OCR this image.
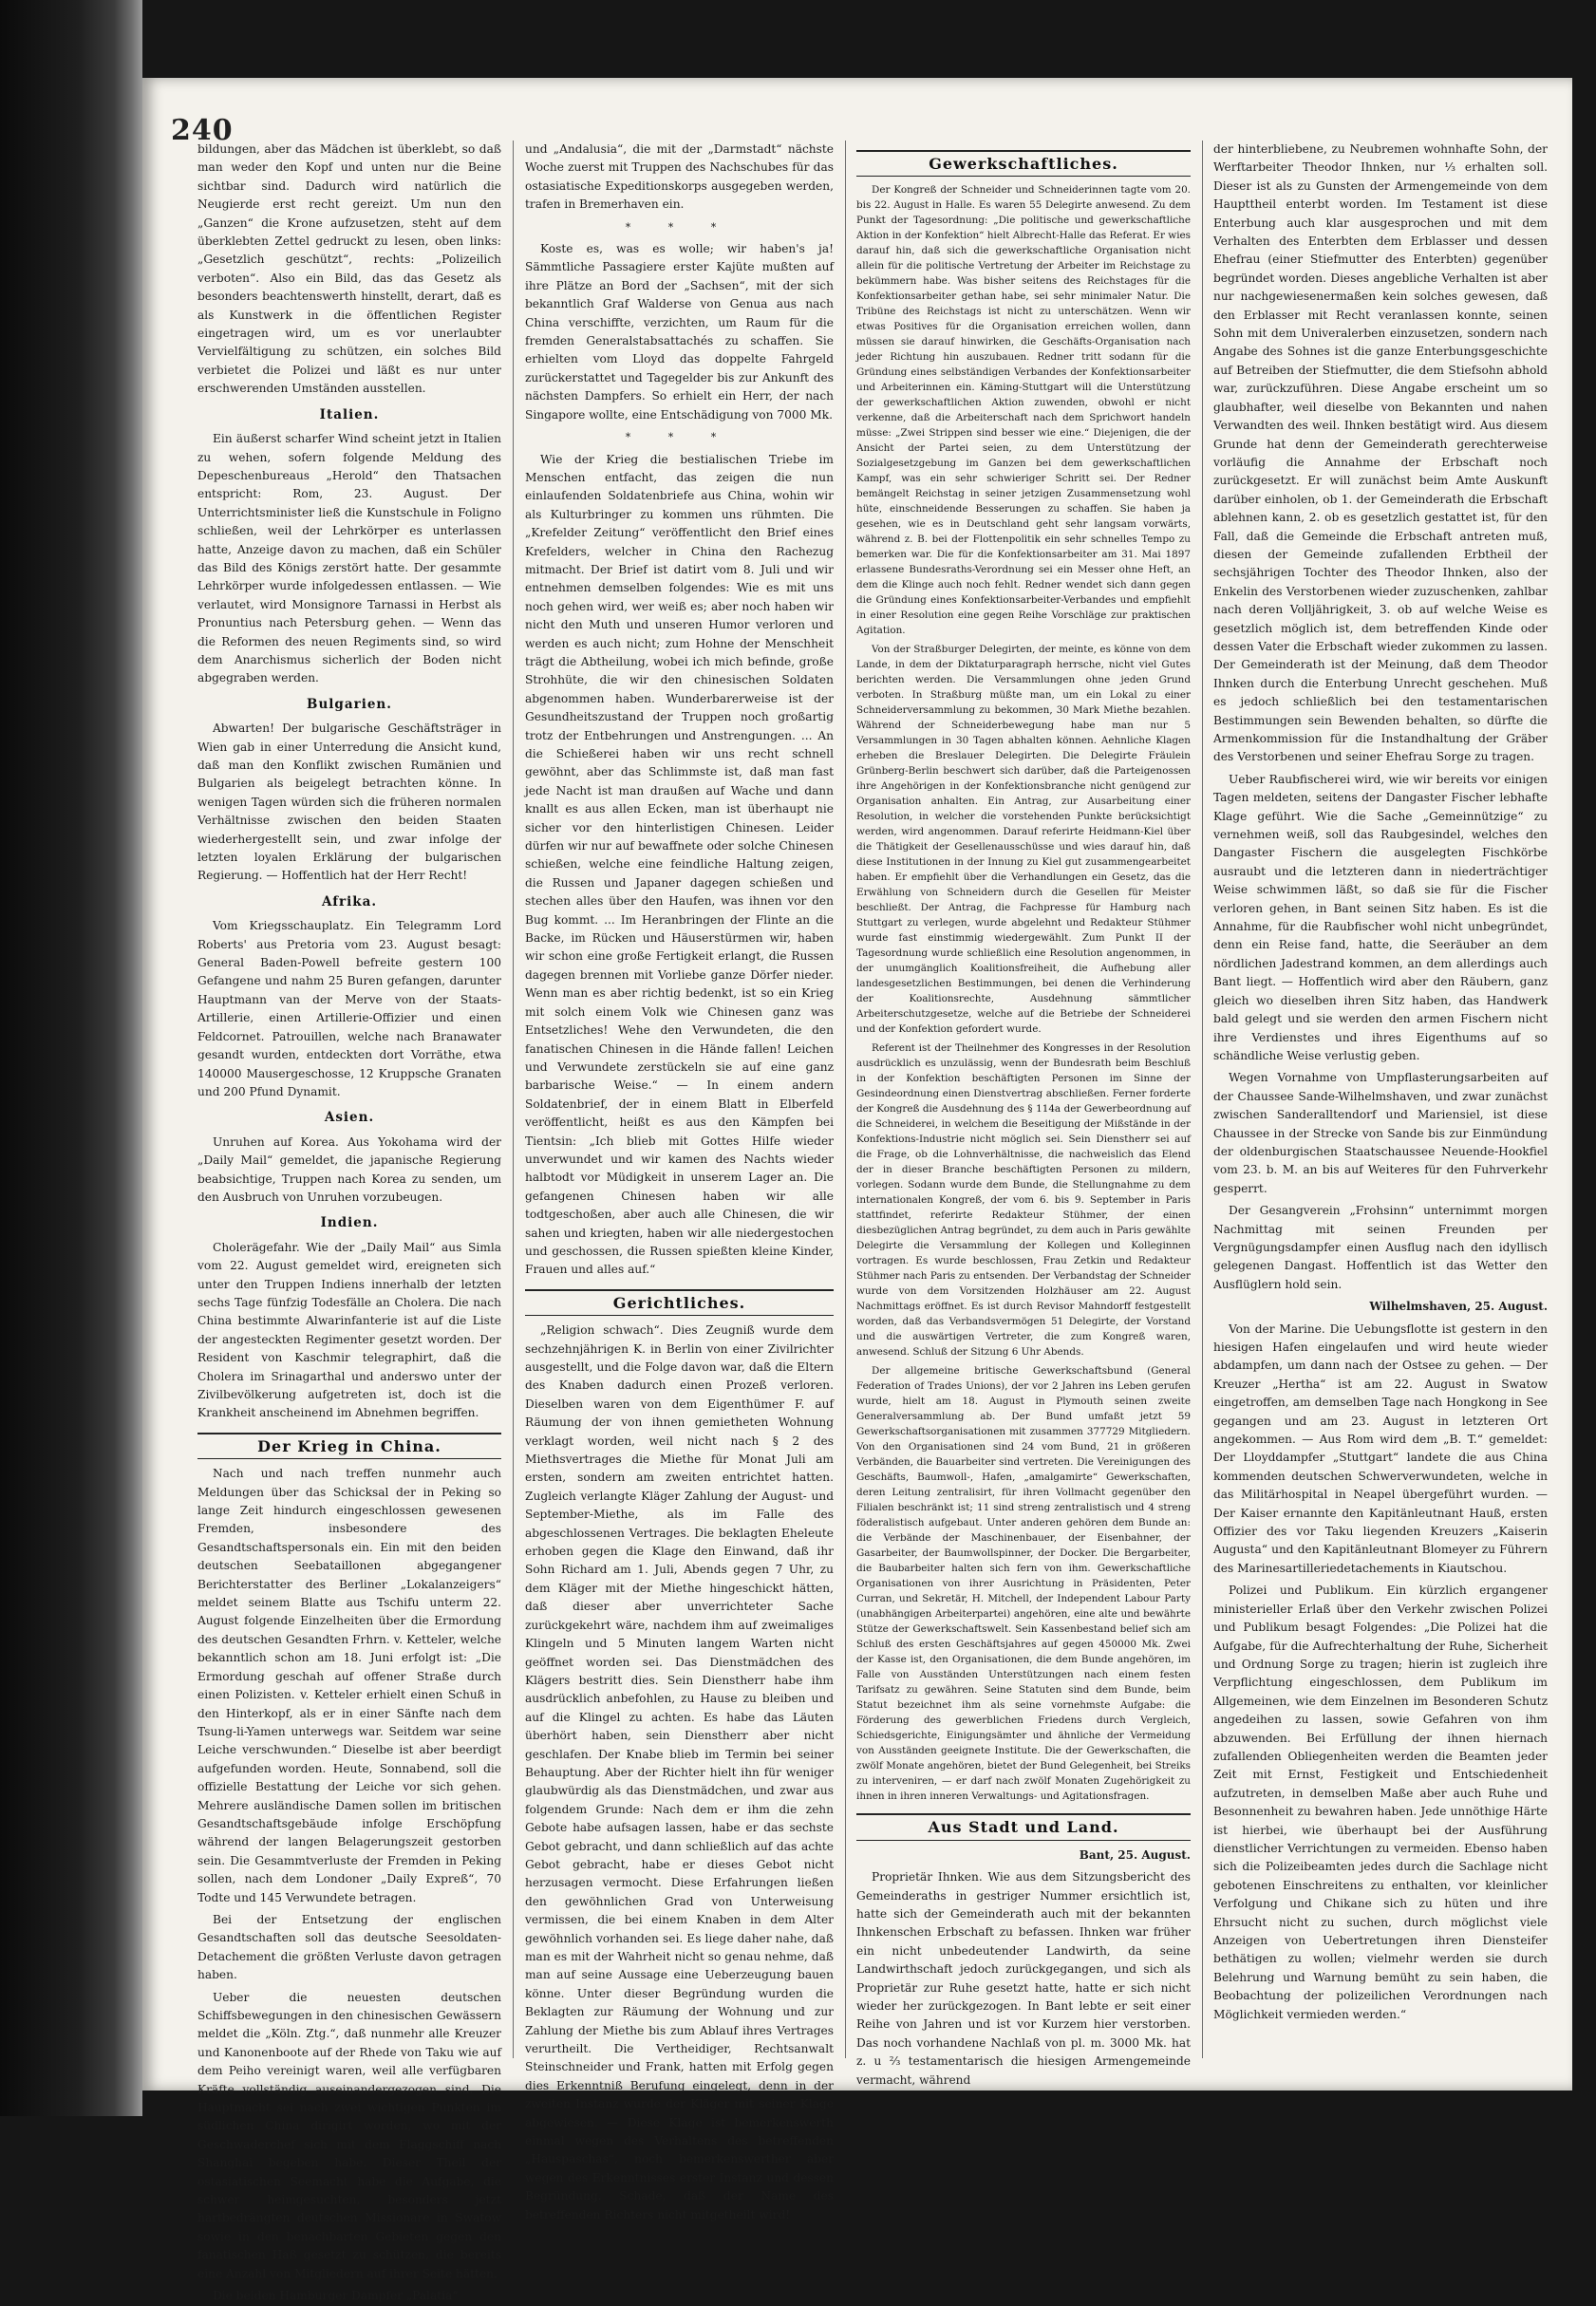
240

bildungen, aber das Mädchen ist überklebt, so daß man weder den Kopf und unten nur die Beine sichtbar sind. Dadurch wird natürlich die Neugierde erst recht gereizt. Um nun den „Ganzen“ die Krone aufzusetzen, steht auf dem überklebten Zettel gedruckt zu lesen, oben links: „Gesetzlich geschützt“, rechts: „Polizeilich verboten“. Also ein Bild, das das Gesetz als besonders beachtenswerth hinstellt, derart, daß es als Kunstwerk in die öffentlichen Register eingetragen wird, um es vor unerlaubter Vervielfältigung zu schützen, ein solches Bild verbietet die Polizei und läßt es nur unter erschwerenden Umständen ausstellen.

Italien.

Ein äußerst scharfer Wind scheint jetzt in Italien zu wehen, sofern folgende Meldung des Depeschenbureaus „Herold“ den Thatsachen entspricht: Rom, 23. August. Der Unterrichtsminister ließ die Kunstschule in Foligno schließen, weil der Lehrkörper es unterlassen hatte, Anzeige davon zu machen, daß ein Schüler das Bild des Königs zerstört hatte. Der gesammte Lehrkörper wurde infolgedessen entlassen. — Wie verlautet, wird Monsignore Tarnassi in Herbst als Pronuntius nach Petersburg gehen. — Wenn das die Reformen des neuen Regiments sind, so wird dem Anarchismus sicherlich der Boden nicht abgegraben werden.

Bulgarien.

Abwarten! Der bulgarische Geschäftsträger in Wien gab in einer Unterredung die Ansicht kund, daß man den Konflikt zwischen Rumänien und Bulgarien als beigelegt betrachten könne. In wenigen Tagen würden sich die früheren normalen Verhältnisse zwischen den beiden Staaten wiederhergestellt sein, und zwar infolge der letzten loyalen Erklärung der bulgarischen Regierung. — Hoffentlich hat der Herr Recht!

Afrika.

Vom Kriegsschauplatz. Ein Telegramm Lord Roberts' aus Pretoria vom 23. August besagt: General Baden-Powell befreite gestern 100 Gefangene und nahm 25 Buren gefangen, darunter Hauptmann van der Merve von der Staats-Artillerie, einen Artillerie-Offizier und einen Feldcornet. Patrouillen, welche nach Branawater gesandt wurden, entdeckten dort Vorräthe, etwa 140000 Mausergeschosse, 12 Kruppsche Granaten und 200 Pfund Dynamit.

Asien.

Unruhen auf Korea. Aus Yokohama wird der „Daily Mail“ gemeldet, die japanische Regierung beabsichtige, Truppen nach Korea zu senden, um den Ausbruch von Unruhen vorzubeugen.

Indien.

Cholerägefahr. Wie der „Daily Mail“ aus Simla vom 22. August gemeldet wird, ereigneten sich unter den Truppen Indiens innerhalb der letzten sechs Tage fünfzig Todesfälle an Cholera. Die nach China bestimmte Alwarinfanterie ist auf die Liste der angesteckten Regimenter gesetzt worden. Der Resident von Kaschmir telegraphirt, daß die Cholera im Srinagarthal und anderswo unter der Zivilbevölkerung aufgetreten ist, doch ist die Krankheit anscheinend im Abnehmen begriffen.

Der Krieg in China.

Nach und nach treffen nunmehr auch Meldungen über das Schicksal der in Peking so lange Zeit hindurch eingeschlossen gewesenen Fremden, insbesondere des Gesandtschaftspersonals ein. Ein mit den beiden deutschen Seebataillonen abgegangener Berichterstatter des Berliner „Lokalanzeigers“ meldet seinem Blatte aus Tschifu unterm 22. August folgende Einzelheiten über die Ermordung des deutschen Gesandten Frhrn. v. Ketteler, welche bekanntlich schon am 18. Juni erfolgt ist: „Die Ermordung geschah auf offener Straße durch einen Polizisten. v. Ketteler erhielt einen Schuß in den Hinterkopf, als er in einer Sänfte nach dem Tsung-li-Yamen unterwegs war. Seitdem war seine Leiche verschwunden.“ Dieselbe ist aber beerdigt aufgefunden worden. Heute, Sonnabend, soll die offizielle Bestattung der Leiche vor sich gehen. Mehrere ausländische Damen sollen im britischen Gesandtschaftsgebäude infolge Erschöpfung während der langen Belagerungszeit gestorben sein. Die Gesammtverluste der Fremden in Peking sollen, nach dem Londoner „Daily Expreß“, 70 Todte und 145 Verwundete betragen.

Bei der Entsetzung der englischen Gesandtschaften soll das deutsche Seesoldaten-Detachement die größten Verluste davon getragen haben.

Ueber die neuesten deutschen Schiffsbewegungen in den chinesischen Gewässern meldet die „Köln. Ztg.“, daß nunmehr alle Kreuzer und Kanonenboote auf der Rhede von Taku wie auf dem Peiho vereinigt waren, weil alle verfügbaren Kräfte vollständig auseinandergezogen sind. Die Hauptmacht sei nach zwei wichtigen Punkten im südlichen China dirigirt worden, wo mit der Geschwaderchef sich mit dem Flaggschiff nach Shanghai begeben habe. Dieser Theil der ostasiatischen Seemacht habe die Aufgabe, die schwer heimgesuchten, besonders jetzt hartbedrängten deutschen Missionare in Swatow sowie in den benachbarten Gebieten gegen den fanatischen Haß gesetzt zu schützen, die bereits eine Anzahl von Mitgliedern auf ihrer Seite hätten.

Die beiden Hamburger Dampfer „Palatia“

und „Andalusia“, die mit der „Darmstadt“ nächste Woche zuerst mit Truppen des Nachschubes für das ostasiatische Expeditionskorps ausgegeben werden, trafen in Bremerhaven ein.

* * *

Koste es, was es wolle; wir haben's ja! Sämmtliche Passagiere erster Kajüte mußten auf ihre Plätze an Bord der „Sachsen“, mit der sich bekanntlich Graf Walderse von Genua aus nach China verschiffte, verzichten, um Raum für die fremden Generalstabsattachés zu schaffen. Sie erhielten vom Lloyd das doppelte Fahrgeld zurückerstattet und Tagegelder bis zur Ankunft des nächsten Dampfers. So erhielt ein Herr, der nach Singapore wollte, eine Entschädigung von 7000 Mk.

* * *

Wie der Krieg die bestialischen Triebe im Menschen entfacht, das zeigen die nun einlaufenden Soldatenbriefe aus China, wohin wir als Kulturbringer zu kommen uns rühmten. Die „Krefelder Zeitung“ veröffentlicht den Brief eines Krefelders, welcher in China den Rachezug mitmacht. Der Brief ist datirt vom 8. Juli und wir entnehmen demselben folgendes: Wie es mit uns noch gehen wird, wer weiß es; aber noch haben wir nicht den Muth und unseren Humor verloren und werden es auch nicht; zum Hohne der Menschheit trägt die Abtheilung, wobei ich mich befinde, große Strohhüte, die wir den chinesischen Soldaten abgenommen haben. Wunderbarerweise ist der Gesundheitszustand der Truppen noch großartig trotz der Entbehrungen und Anstrengungen. ... An die Schießerei haben wir uns recht schnell gewöhnt, aber das Schlimmste ist, daß man fast jede Nacht ist man draußen auf Wache und dann knallt es aus allen Ecken, man ist überhaupt nie sicher vor den hinterlistigen Chinesen. Leider dürfen wir nur auf bewaffnete oder solche Chinesen schießen, welche eine feindliche Haltung zeigen, die Russen und Japaner dagegen schießen und stechen alles über den Haufen, was ihnen vor den Bug kommt. ... Im Heranbringen der Flinte an die Backe, im Rücken und Häuserstürmen wir, haben wir schon eine große Fertigkeit erlangt, die Russen dagegen brennen mit Vorliebe ganze Dörfer nieder. Wenn man es aber richtig bedenkt, ist so ein Krieg mit solch einem Volk wie Chinesen ganz was Entsetzliches! Wehe den Verwundeten, die den fanatischen Chinesen in die Hände fallen! Leichen und Verwundete zerstückeln sie auf eine ganz barbarische Weise.“ — In einem andern Soldatenbrief, der in einem Blatt in Elberfeld veröffentlicht, heißt es aus den Kämpfen bei Tientsin: „Ich blieb mit Gottes Hilfe wieder unverwundet und wir kamen des Nachts wieder halbtodt vor Müdigkeit in unserem Lager an. Die gefangenen Chinesen haben wir alle todtgeschoßen, aber auch alle Chinesen, die wir sahen und kriegten, haben wir alle niedergestochen und geschossen, die Russen spießten kleine Kinder, Frauen und alles auf.“

Gerichtliches.

„Religion schwach“. Dies Zeugniß wurde dem sechzehnjährigen K. in Berlin von einer Zivilrichter ausgestellt, und die Folge davon war, daß die Eltern des Knaben dadurch einen Prozeß verloren. Dieselben waren von dem Eigenthümer F. auf Räumung der von ihnen gemietheten Wohnung verklagt worden, weil nicht nach § 2 des Miethsvertrages die Miethe für Monat Juli am ersten, sondern am zweiten entrichtet hatten. Zugleich verlangte Kläger Zahlung der August- und September-Miethe, als im Falle des abgeschlossenen Vertrages. Die beklagten Eheleute erhoben gegen die Klage den Einwand, daß ihr Sohn Richard am 1. Juli, Abends gegen 7 Uhr, zu dem Kläger mit der Miethe hingeschickt hätten, daß dieser aber unverrichteter Sache zurückgekehrt wäre, nachdem ihm auf zweimaliges Klingeln und 5 Minuten langem Warten nicht geöffnet worden sei. Das Dienstmädchen des Klägers bestritt dies. Sein Dienstherr habe ihm ausdrücklich anbefohlen, zu Hause zu bleiben und auf die Klingel zu achten. Es habe das Läuten überhört haben, sein Dienstherr aber nicht geschlafen. Der Knabe blieb im Termin bei seiner Behauptung. Aber der Richter hielt ihn für weniger glaubwürdig als das Dienstmädchen, und zwar aus folgendem Grunde: Nach dem er ihm die zehn Gebote habe aufsagen lassen, habe er das sechste Gebot gebracht, und dann schließlich auf das achte Gebot gebracht, habe er dieses Gebot nicht herzusagen vermocht. Diese Erfahrungen ließen den gewöhnlichen Grad von Unterweisung vermissen, die bei einem Knaben in dem Alter gewöhnlich vorhanden sei. Es liege daher nahe, daß man es mit der Wahrheit nicht so genau nehme, daß man auf seine Aussage eine Ueberzeugung bauen könne. Unter dieser Begründung wurden die Beklagten zur Räumung der Wohnung und zur Zahlung der Miethe bis zum Ablauf ihres Vertrages verurtheilt. Die Vertheidiger, Rechtsanwalt Steinschneider und Frank, hatten mit Erfolg gegen dies Erkenntniß Berufung eingelegt, denn in der zweiten Instanz wurde der Kläger mit seiner Klage abgewiesen. — Diese Klage ist bemerkenswerth einmal wegen des Verhaltens des betreffenden „Hauspaschas“, noch bemerkenswerther aber wegen des Erkenntnisses erster Instanz und dessen Begründung. Schade, daß der Name des betreffenden Richters nicht mitgetheilt wird!

Gewerkschaftliches.

Der Kongreß der Schneider und Schneiderinnen tagte vom 20. bis 22. August in Halle. Es waren 55 Delegirte anwesend. Zu dem Punkt der Tagesordnung: „Die politische und gewerkschaftliche Aktion in der Konfektion“ hielt Albrecht-Halle das Referat. Er wies darauf hin, daß sich die gewerkschaftliche Organisation nicht allein für die politische Vertretung der Arbeiter im Reichstage zu bekümmern habe. Was bisher seitens des Reichstages für die Konfektionsarbeiter gethan habe, sei sehr minimaler Natur. Die Tribüne des Reichstags ist nicht zu unterschätzen. Wenn wir etwas Positives für die Organisation erreichen wollen, dann müssen sie darauf hinwirken, die Geschäfts-Organisation nach jeder Richtung hin auszubauen. Redner tritt sodann für die Gründung eines selbständigen Verbandes der Konfektionsarbeiter und Arbeiterinnen ein. Käming-Stuttgart will die Unterstützung der gewerkschaftlichen Aktion zuwenden, obwohl er nicht verkenne, daß die Arbeiterschaft nach dem Sprichwort handeln müsse: „Zwei Strippen sind besser wie eine.“ Diejenigen, die der Ansicht der Partei seien, zu dem Unterstützung der Sozialgesetzgebung im Ganzen bei dem gewerkschaftlichen Kampf, was ein sehr schwieriger Schritt sei. Der Redner bemängelt Reichstag in seiner jetzigen Zusammensetzung wohl hüte, einschneidende Besserungen zu schaffen. Sie haben ja gesehen, wie es in Deutschland geht sehr langsam vorwärts, während z. B. bei der Flottenpolitik ein sehr schnelles Tempo zu bemerken war. Die für die Konfektionsarbeiter am 31. Mai 1897 erlassene Bundesraths-Verordnung sei ein Messer ohne Heft, an dem die Klinge auch noch fehlt. Redner wendet sich dann gegen die Gründung eines Konfektionsarbeiter-Verbandes und empfiehlt in einer Resolution eine gegen Reihe Vorschläge zur praktischen Agitation.

Von der Straßburger Delegirten, der meinte, es könne von dem Lande, in dem der Diktaturparagraph herrsche, nicht viel Gutes berichten werden. Die Versammlungen ohne jeden Grund verboten. In Straßburg müßte man, um ein Lokal zu einer Schneiderversammlung zu bekommen, 30 Mark Miethe bezahlen. Während der Schneiderbewegung habe man nur 5 Versammlungen in 30 Tagen abhalten können. Aehnliche Klagen erheben die Breslauer Delegirten. Die Delegirte Fräulein Grünberg-Berlin beschwert sich darüber, daß die Parteigenossen ihre Angehörigen in der Konfektionsbranche nicht genügend zur Organisation anhalten. Ein Antrag, zur Ausarbeitung einer Resolution, in welcher die vorstehenden Punkte berücksichtigt werden, wird angenommen. Darauf referirte Heidmann-Kiel über die Thätigkeit der Gesellenausschüsse und wies darauf hin, daß diese Institutionen in der Innung zu Kiel gut zusammengearbeitet haben. Er empfiehlt über die Verhandlungen ein Gesetz, das die Erwählung von Schneidern durch die Gesellen für Meister beschließt. Der Antrag, die Fachpresse für Hamburg nach Stuttgart zu verlegen, wurde abgelehnt und Redakteur Stühmer wurde fast einstimmig wiedergewählt. Zum Punkt II der Tagesordnung wurde schließlich eine Resolution angenommen, in der unumgänglich Koalitionsfreiheit, die Aufhebung aller landesgesetzlichen Bestimmungen, bei denen die Verhinderung der Koalitionsrechte, Ausdehnung sämmtlicher Arbeiterschutzgesetze, welche auf die Betriebe der Schneiderei und der Konfektion gefordert wurde.

Referent ist der Theilnehmer des Kongresses in der Resolution ausdrücklich es unzulässig, wenn der Bundesrath beim Beschluß in der Konfektion beschäftigten Personen im Sinne der Gesindeordnung einen Dienstvertrag abschließen. Ferner forderte der Kongreß die Ausdehnung des § 114a der Gewerbeordnung auf die Schneiderei, in welchem die Beseitigung der Mißstände in der Konfektions-Industrie nicht möglich sei. Sein Dienstherr sei auf die Frage, ob die Lohnverhältnisse, die nachweislich das Elend der in dieser Branche beschäftigten Personen zu mildern, vorlegen. Sodann wurde dem Bunde, die Stellungnahme zu dem internationalen Kongreß, der vom 6. bis 9. September in Paris stattfindet, referirte Redakteur Stühmer, der einen diesbezüglichen Antrag begründet, zu dem auch in Paris gewählte Delegirte die Versammlung der Kollegen und Kolleginnen vortragen. Es wurde beschlossen, Frau Zetkin und Redakteur Stühmer nach Paris zu entsenden. Der Verbandstag der Schneider wurde von dem Vorsitzenden Holzhäuser am 22. August Nachmittags eröffnet. Es ist durch Revisor Mahndorff festgestellt worden, daß das Verbandsvermögen 51 Delegirte, der Vorstand und die auswärtigen Vertreter, die zum Kongreß waren, anwesend. Schluß der Sitzung 6 Uhr Abends.

Der allgemeine britische Gewerkschaftsbund (General Federation of Trades Unions), der vor 2 Jahren ins Leben gerufen wurde, hielt am 18. August in Plymouth seinen zweite Generalversammlung ab. Der Bund umfaßt jetzt 59 Gewerkschaftsorganisationen mit zusammen 377729 Mitgliedern. Von den Organisationen sind 24 vom Bund, 21 in größeren Verbänden, die Bauarbeiter sind vertreten. Die Vereinigungen des Geschäfts, Baumwoll-, Hafen, „amalgamirte“ Gewerkschaften, deren Leitung zentralisirt, für ihren Vollmacht gegenüber den Filialen beschränkt ist; 11 sind streng zentralistisch und 4 streng föderalistisch aufgebaut. Unter anderen gehören dem Bunde an: die Verbände der Maschinenbauer, der Eisenbahner, der Gasarbeiter, der Baumwollspinner, der Docker. Die Bergarbeiter, die Baubarbeiter halten sich fern von ihm. Gewerkschaftliche Organisationen von ihrer Ausrichtung in Präsidenten, Peter Curran, und Sekretär, H. Mitchell, der Independent Labour Party (unabhängigen Arbeiterpartei) angehören, eine alte und bewährte Stütze der Gewerkschaftswelt. Sein Kassenbestand belief sich am Schluß des ersten Geschäftsjahres auf gegen 450000 Mk. Zwei der Kasse ist, den Organisationen, die dem Bunde angehören, im Falle von Ausständen Unterstützungen nach einem festen Tarifsatz zu gewähren. Seine Statuten sind dem Bunde, beim Statut bezeichnet ihm als seine vornehmste Aufgabe: die Förderung des gewerblichen Friedens durch Vergleich, Schiedsgerichte, Einigungsämter und ähnliche der Vermeidung von Ausständen geeignete Institute. Die der Gewerkschaften, die zwölf Monate angehören, bietet der Bund Gelegenheit, bei Streiks zu interveniren, — er darf nach zwölf Monaten Zugehörigkeit zu ihnen in ihren inneren Verwaltungs- und Agitationsfragen.

Aus Stadt und Land.
Bant, 25. August.

Proprietär Ihnken. Wie aus dem Sitzungsbericht des Gemeinderaths in gestriger Nummer ersichtlich ist, hatte sich der Gemeinderath auch mit der bekannten Ihnkenschen Erbschaft zu befassen. Ihnken war früher ein nicht unbedeutender Landwirth, da seine Landwirthschaft jedoch zurückgegangen, und sich als Proprietär zur Ruhe gesetzt hatte, hatte er sich nicht wieder her zurückgezogen. In Bant lebte er seit einer Reihe von Jahren und ist vor Kurzem hier verstorben. Das noch vorhandene Nachlaß von pl. m. 3000 Mk. hat z. u ⅔ testamentarisch die hiesigen Armengemeinde vermacht, während

der hinterbliebene, zu Neubremen wohnhafte Sohn, der Werftarbeiter Theodor Ihnken, nur ⅓ erhalten soll. Dieser ist als zu Gunsten der Armengemeinde von dem Haupttheil enterbt worden. Im Testament ist diese Enterbung auch klar ausgesprochen und mit dem Verhalten des Enterbten dem Erblasser und dessen Ehefrau (einer Stiefmutter des Enterbten) gegenüber begründet worden. Dieses angebliche Verhalten ist aber nur nachgewiesenermaßen kein solches gewesen, daß den Erblasser mit Recht veranlassen konnte, seinen Sohn mit dem Univeralerben einzusetzen, sondern nach Angabe des Sohnes ist die ganze Enterbungsgeschichte auf Betreiben der Stiefmutter, die dem Stiefsohn abhold war, zurückzuführen. Diese Angabe erscheint um so glaubhafter, weil dieselbe von Bekannten und nahen Verwandten des weil. Ihnken bestätigt wird. Aus diesem Grunde hat denn der Gemeinderath gerechterweise vorläufig die Annahme der Erbschaft noch zurückgesetzt. Er will zunächst beim Amte Auskunft darüber einholen, ob 1. der Gemeinderath die Erbschaft ablehnen kann, 2. ob es gesetzlich gestattet ist, für den Fall, daß die Gemeinde die Erbschaft antreten muß, diesen der Gemeinde zufallenden Erbtheil der sechsjährigen Tochter des Theodor Ihnken, also der Enkelin des Verstorbenen wieder zuzuschenken, zahlbar nach deren Volljährigkeit, 3. ob auf welche Weise es gesetzlich möglich ist, dem betreffenden Kinde oder dessen Vater die Erbschaft wieder zukommen zu lassen. Der Gemeinderath ist der Meinung, daß dem Theodor Ihnken durch die Enterbung Unrecht geschehen. Muß es jedoch schließlich bei den testamentarischen Bestimmungen sein Bewenden behalten, so dürfte die Armenkommission für die Instandhaltung der Gräber des Verstorbenen und seiner Ehefrau Sorge zu tragen.

Ueber Raubfischerei wird, wie wir bereits vor einigen Tagen meldeten, seitens der Dangaster Fischer lebhafte Klage geführt. Wie die Sache „Gemeinnützige“ zu vernehmen weiß, soll das Raubgesindel, welches den Dangaster Fischern die ausgelegten Fischkörbe ausraubt und die letzteren dann in niederträchtiger Weise schwimmen läßt, so daß sie für die Fischer verloren gehen, in Bant seinen Sitz haben. Es ist die Annahme, für die Raubfischer wohl nicht unbegründet, denn ein Reise fand, hatte, die Seeräuber an dem nördlichen Jadestrand kommen, an dem allerdings auch Bant liegt. — Hoffentlich wird aber den Räubern, ganz gleich wo dieselben ihren Sitz haben, das Handwerk bald gelegt und sie werden den armen Fischern nicht ihre Verdienstes und ihres Eigenthums auf so schändliche Weise verlustig geben.

Wegen Vornahme von Umpflasterungsarbeiten auf der Chaussee Sande-Wilhelmshaven, und zwar zunächst zwischen Sanderalltendorf und Mariensiel, ist diese Chaussee in der Strecke von Sande bis zur Einmündung der oldenburgischen Staatschaussee Neuende-Hookfiel vom 23. b. M. an bis auf Weiteres für den Fuhrverkehr gesperrt.

Der Gesangverein „Frohsinn“ unternimmt morgen Nachmittag mit seinen Freunden per Vergnügungsdampfer einen Ausflug nach den idyllisch gelegenen Dangast. Hoffentlich ist das Wetter den Ausflüglern hold sein.

Wilhelmshaven, 25. August.

Von der Marine. Die Uebungsflotte ist gestern in den hiesigen Hafen eingelaufen und wird heute wieder abdampfen, um dann nach der Ostsee zu gehen. — Der Kreuzer „Hertha“ ist am 22. August in Swatow eingetroffen, am demselben Tage nach Hongkong in See gegangen und am 23. August in letzteren Ort angekommen. — Aus Rom wird dem „B. T.“ gemeldet: Der Lloyddampfer „Stuttgart“ landete die aus China kommenden deutschen Schwerverwundeten, welche in das Militärhospital in Neapel übergeführt wurden. — Der Kaiser ernannte den Kapitänleutnant Hauß, ersten Offizier des vor Taku liegenden Kreuzers „Kaiserin Augusta“ und den Kapitänleutnant Blomeyer zu Führern des Marinesartilleriedetachements in Kiautschou.

Polizei und Publikum. Ein kürzlich ergangener ministerieller Erlaß über den Verkehr zwischen Polizei und Publikum besagt Folgendes: „Die Polizei hat die Aufgabe, für die Aufrechterhaltung der Ruhe, Sicherheit und Ordnung Sorge zu tragen; hierin ist zugleich ihre Verpflichtung eingeschlossen, dem Publikum im Allgemeinen, wie dem Einzelnen im Besonderen Schutz angedeihen zu lassen, sowie Gefahren von ihm abzuwenden. Bei Erfüllung der ihnen hiernach zufallenden Obliegenheiten werden die Beamten jeder Zeit mit Ernst, Festigkeit und Entschiedenheit aufzutreten, in demselben Maße aber auch Ruhe und Besonnenheit zu bewahren haben. Jede unnöthige Härte ist hierbei, wie überhaupt bei der Ausführung dienstlicher Verrichtungen zu vermeiden. Ebenso haben sich die Polizeibeamten jedes durch die Sachlage nicht gebotenen Einschreitens zu enthalten, vor kleinlicher Verfolgung und Chikane sich zu hüten und ihre Ehrsucht nicht zu suchen, durch möglichst viele Anzeigen von Uebertretungen ihren Diensteifer bethätigen zu wollen; vielmehr werden sie durch Belehrung und Warnung bemüht zu sein haben, die Beobachtung der polizeilichen Verordnungen nach Möglichkeit vermieden werden.“
